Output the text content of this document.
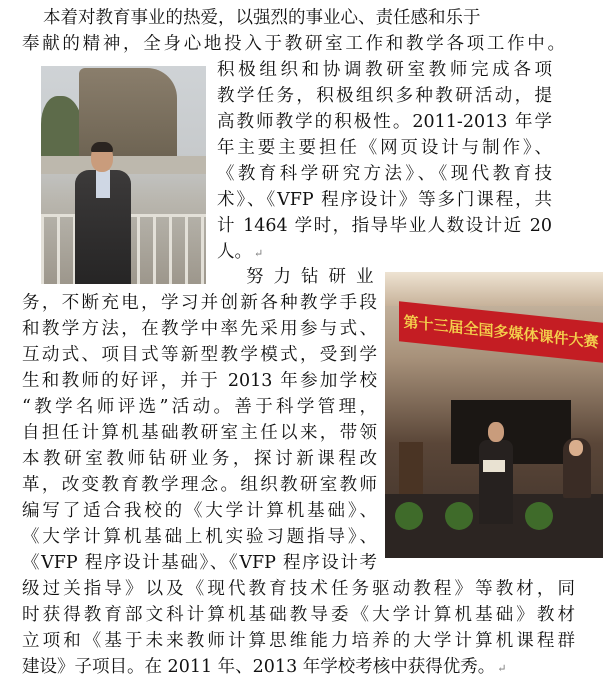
第十三届全国多媒体课件大赛
本着对教育事业的热爱，以强烈的事业心、责任感和乐于
奉献的精神，全身心地投入于教研室工作和教学各项工作中。
积极组织和协调教研室教师完成各项
教学任务，积极组织多种教研活动，提
高教师教学的积极性。2011-2013 年学
年主要主要担任《网页设计与制作》、
《教育科学研究方法》、《现代教育技
术》、《VFP 程序设计》等多门课程，共
计 1464 学时，指导毕业人数设计近 20
人。 ↵
努力钻研业
务，不断充电，学习并创新各种教学手段
和教学方法，在教学中率先采用参与式、
互动式、项目式等新型教学模式，受到学
生和教师的好评，并于 2013 年参加学校
“教学名师评选”活动。善于科学管理，
自担任计算机基础教研室主任以来，带领
本教研室教师钻研业务，探讨新课程改
革，改变教育教学理念。组织教研室教师
编写了适合我校的《大学计算机基础》、
《大学计算机基础上机实验习题指导》、
《VFP 程序设计基础》、《VFP 程序设计考
级过关指导》以及《现代教育技术任务驱动教程》等教材，同
时获得教育部文科计算机基础教导委《大学计算机基础》教材
立项和《基于未来教师计算思维能力培养的大学计算机课程群
建设》子项目。在 2011 年、2013 年学校考核中获得优秀。 ↵
